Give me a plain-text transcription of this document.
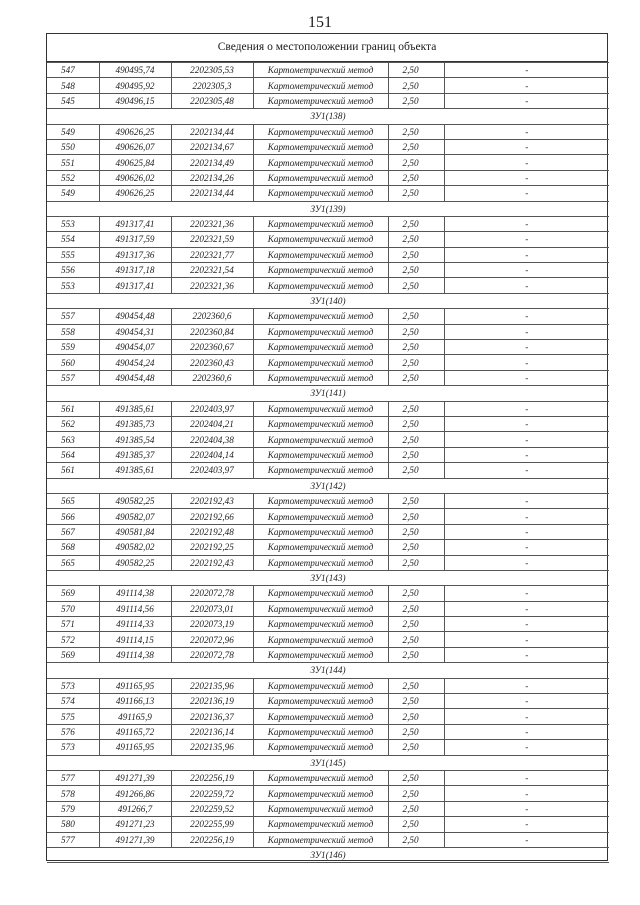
151
Сведения о местоположении границ объекта
547	490495,74	2202305,53	Картометрический метод	2,50	-
548	490495,92	2202305,3	Картометрический метод	2,50	-
545	490496,15	2202305,48	Картометрический метод	2,50	-
ЗУ1(138)					
549	490626,25	2202134,44	Картометрический метод	2,50	-
550	490626,07	2202134,67	Картометрический метод	2,50	-
551	490625,84	2202134,49	Картометрический метод	2,50	-
552	490626,02	2202134,26	Картометрический метод	2,50	-
549	490626,25	2202134,44	Картометрический метод	2,50	-
ЗУ1(139)					
553	491317,41	2202321,36	Картометрический метод	2,50	-
554	491317,59	2202321,59	Картометрический метод	2,50	-
555	491317,36	2202321,77	Картометрический метод	2,50	-
556	491317,18	2202321,54	Картометрический метод	2,50	-
553	491317,41	2202321,36	Картометрический метод	2,50	-
ЗУ1(140)					
557	490454,48	2202360,6	Картометрический метод	2,50	-
558	490454,31	2202360,84	Картометрический метод	2,50	-
559	490454,07	2202360,67	Картометрический метод	2,50	-
560	490454,24	2202360,43	Картометрический метод	2,50	-
557	490454,48	2202360,6	Картометрический метод	2,50	-
ЗУ1(141)					
561	491385,61	2202403,97	Картометрический метод	2,50	-
562	491385,73	2202404,21	Картометрический метод	2,50	-
563	491385,54	2202404,38	Картометрический метод	2,50	-
564	491385,37	2202404,14	Картометрический метод	2,50	-
561	491385,61	2202403,97	Картометрический метод	2,50	-
ЗУ1(142)					
565	490582,25	2202192,43	Картометрический метод	2,50	-
566	490582,07	2202192,66	Картометрический метод	2,50	-
567	490581,84	2202192,48	Картометрический метод	2,50	-
568	490582,02	2202192,25	Картометрический метод	2,50	-
565	490582,25	2202192,43	Картометрический метод	2,50	-
ЗУ1(143)					
569	491114,38	2202072,78	Картометрический метод	2,50	-
570	491114,56	2202073,01	Картометрический метод	2,50	-
571	491114,33	2202073,19	Картометрический метод	2,50	-
572	491114,15	2202072,96	Картометрический метод	2,50	-
569	491114,38	2202072,78	Картометрический метод	2,50	-
ЗУ1(144)					
573	491165,95	2202135,96	Картометрический метод	2,50	-
574	491166,13	2202136,19	Картометрический метод	2,50	-
575	491165,9	2202136,37	Картометрический метод	2,50	-
576	491165,72	2202136,14	Картометрический метод	2,50	-
573	491165,95	2202135,96	Картометрический метод	2,50	-
ЗУ1(145)					
577	491271,39	2202256,19	Картометрический метод	2,50	-
578	491266,86	2202259,72	Картометрический метод	2,50	-
579	491266,7	2202259,52	Картометрический метод	2,50	-
580	491271,23	2202255,99	Картометрический метод	2,50	-
577	491271,39	2202256,19	Картометрический метод	2,50	-
ЗУ1(146)					
